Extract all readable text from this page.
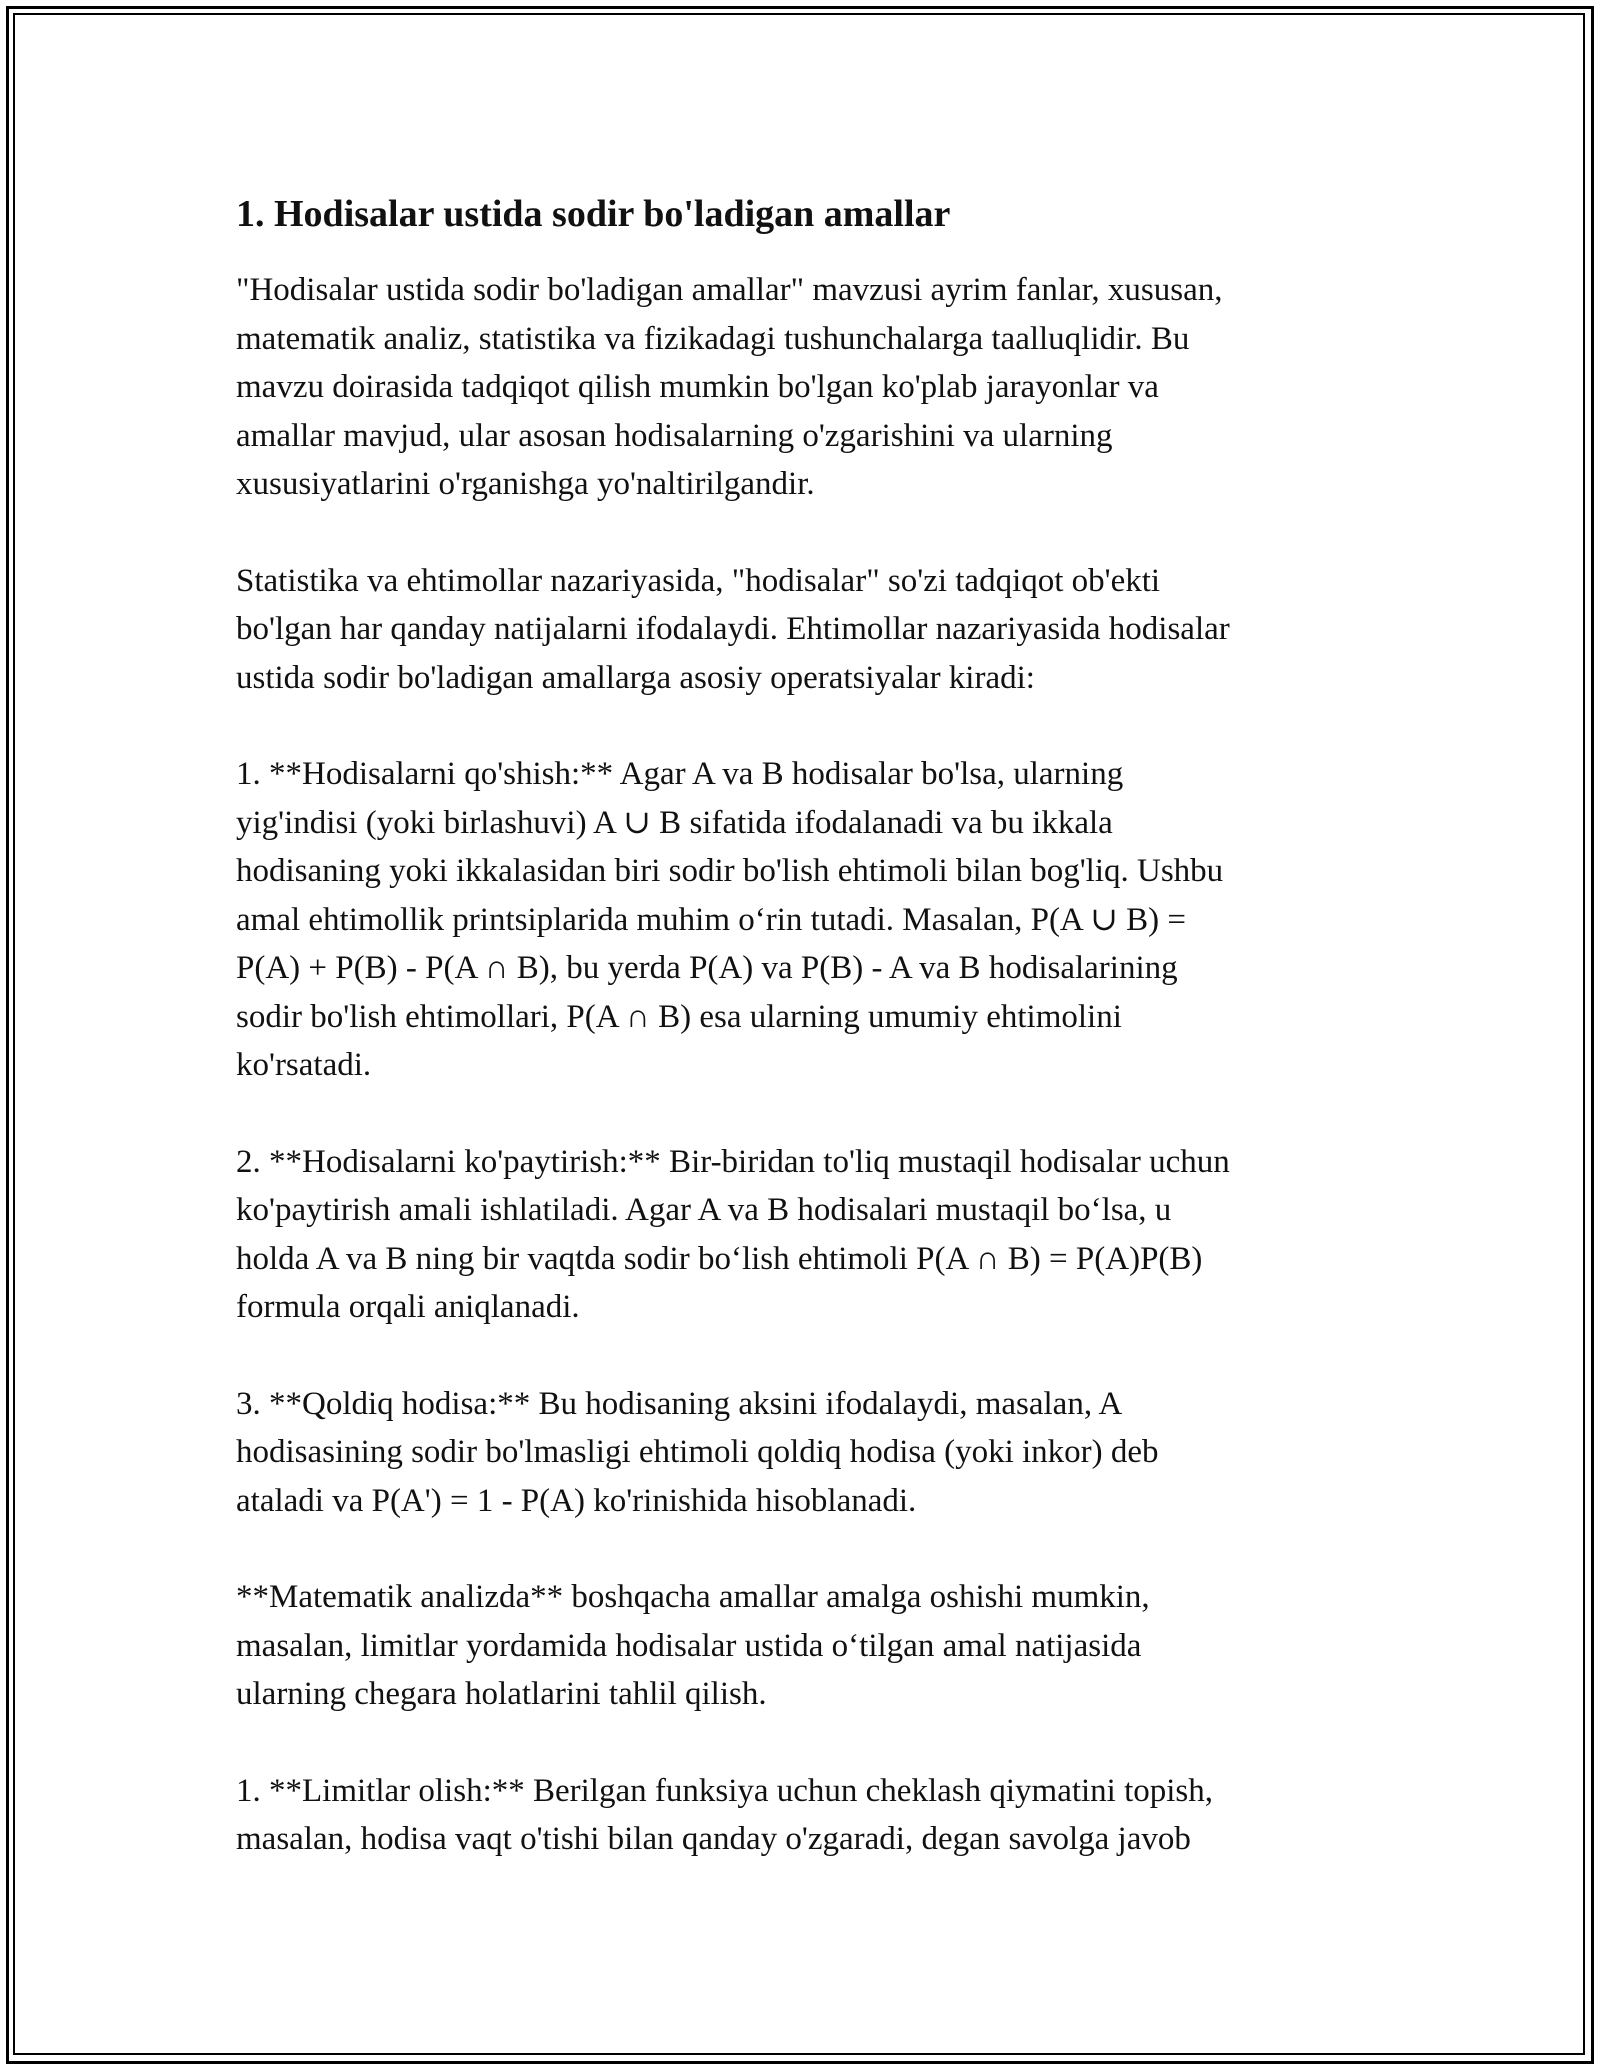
1. Hodisalar ustida sodir bo'ladigan amallar

"Hodisalar ustida sodir bo'ladigan amallar" mavzusi ayrim fanlar, xususan,
matematik analiz, statistika va fizikadagi tushunchalarga taalluqlidir. Bu
mavzu doirasida tadqiqot qilish mumkin bo'lgan ko'plab jarayonlar va
amallar mavjud, ular asosan hodisalarning o'zgarishini va ularning
xususiyatlarini o'rganishga yo'naltirilgandir.

Statistika va ehtimollar nazariyasida, "hodisalar" so'zi tadqiqot ob'ekti
bo'lgan har qanday natijalarni ifodalaydi. Ehtimollar nazariyasida hodisalar
ustida sodir bo'ladigan amallarga asosiy operatsiyalar kiradi:

1. **Hodisalarni qo'shish:** Agar A va B hodisalar bo'lsa, ularning
yig'indisi (yoki birlashuvi) A ∪ B sifatida ifodalanadi va bu ikkala
hodisaning yoki ikkalasidan biri sodir bo'lish ehtimoli bilan bog'liq. Ushbu
amal ehtimollik printsiplarida muhim o‘rin tutadi. Masalan, P(A ∪ B) =
P(A) + P(B) - P(A ∩ B), bu yerda P(A) va P(B) - A va B hodisalarining
sodir bo'lish ehtimollari, P(A ∩ B) esa ularning umumiy ehtimolini
ko'rsatadi.

2. **Hodisalarni ko'paytirish:** Bir-biridan to'liq mustaqil hodisalar uchun
ko'paytirish amali ishlatiladi. Agar A va B hodisalari mustaqil bo‘lsa, u
holda A va B ning bir vaqtda sodir bo‘lish ehtimoli P(A ∩ B) = P(A)P(B)
formula orqali aniqlanadi.

3. **Qoldiq hodisa:** Bu hodisaning aksini ifodalaydi, masalan, A
hodisasining sodir bo'lmasligi ehtimoli qoldiq hodisa (yoki inkor) deb
ataladi va P(A') = 1 - P(A) ko'rinishida hisoblanadi.

**Matematik analizda** boshqacha amallar amalga oshishi mumkin,
masalan, limitlar yordamida hodisalar ustida o‘tilgan amal natijasida
ularning chegara holatlarini tahlil qilish.

1. **Limitlar olish:** Berilgan funksiya uchun cheklash qiymatini topish,
masalan, hodisa vaqt o'tishi bilan qanday o'zgaradi, degan savolga javob
